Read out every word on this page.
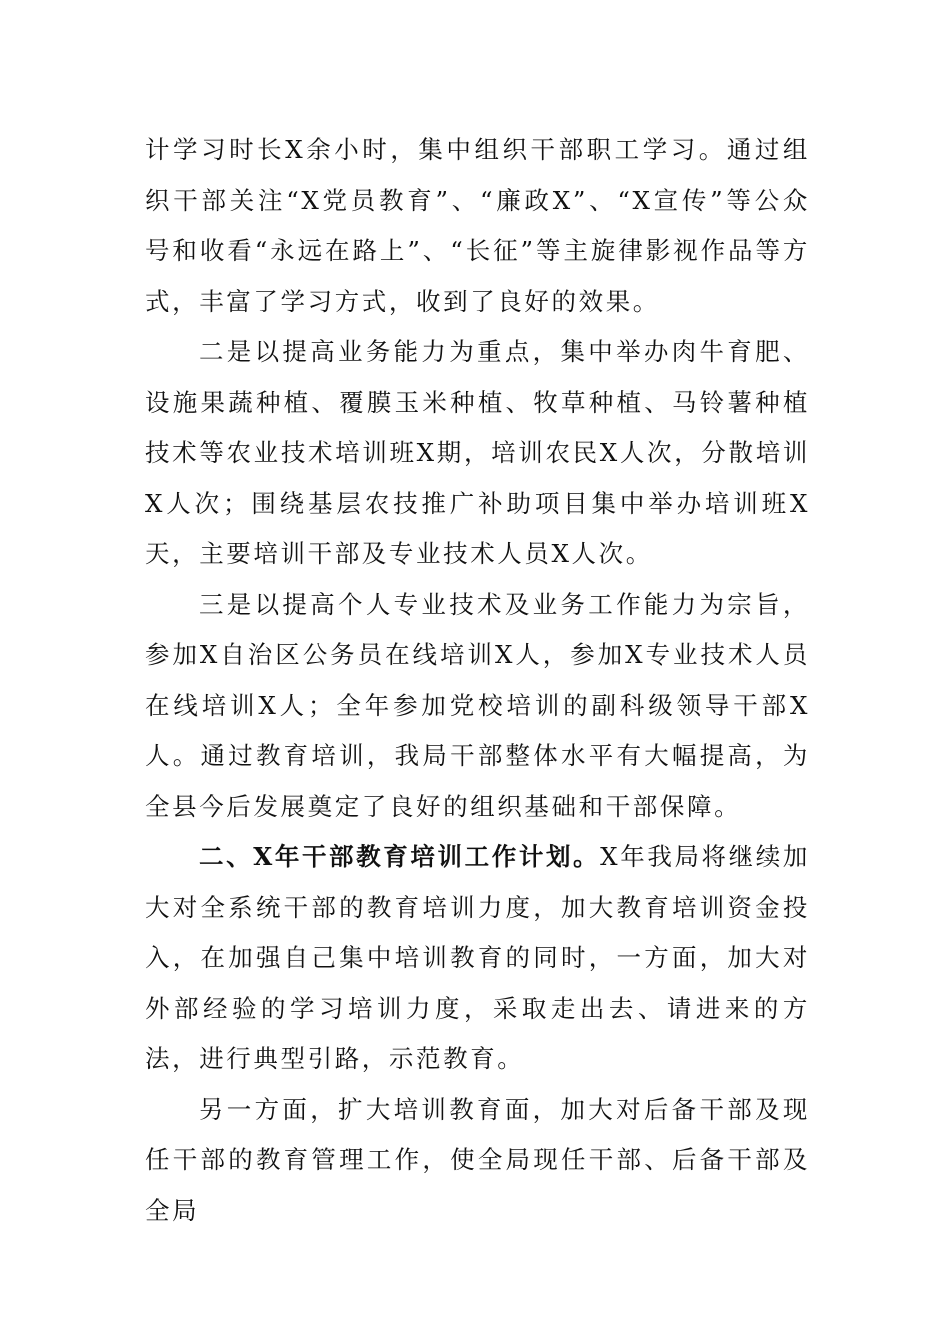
计学习时长X余小时，集中组织干部职工学习。通过组织干部关注“X党员教育”、“廉政X”、“X宣传”等公众号和收看“永远在路上”、“长征”等主旋律影视作品等方式，丰富了学习方式，收到了良好的效果。

二是以提高业务能力为重点，集中举办肉牛育肥、设施果蔬种植、覆膜玉米种植、牧草种植、马铃薯种植技术等农业技术培训班X期，培训农民X人次，分散培训X人次；围绕基层农技推广补助项目集中举办培训班X天，主要培训干部及专业技术人员X人次。

三是以提高个人专业技术及业务工作能力为宗旨，参加X自治区公务员在线培训X人，参加X专业技术人员在线培训X人；全年参加党校培训的副科级领导干部X人。通过教育培训，我局干部整体水平有大幅提高，为全县今后发展奠定了良好的组织基础和干部保障。

二、X年干部教育培训工作计划。X年我局将继续加大对全系统干部的教育培训力度，加大教育培训资金投入，在加强自己集中培训教育的同时，一方面，加大对外部经验的学习培训力度，采取走出去、请进来的方法，进行典型引路，示范教育。

另一方面，扩大培训教育面，加大对后备干部及现任干部的教育管理工作，使全局现任干部、后备干部及全局
